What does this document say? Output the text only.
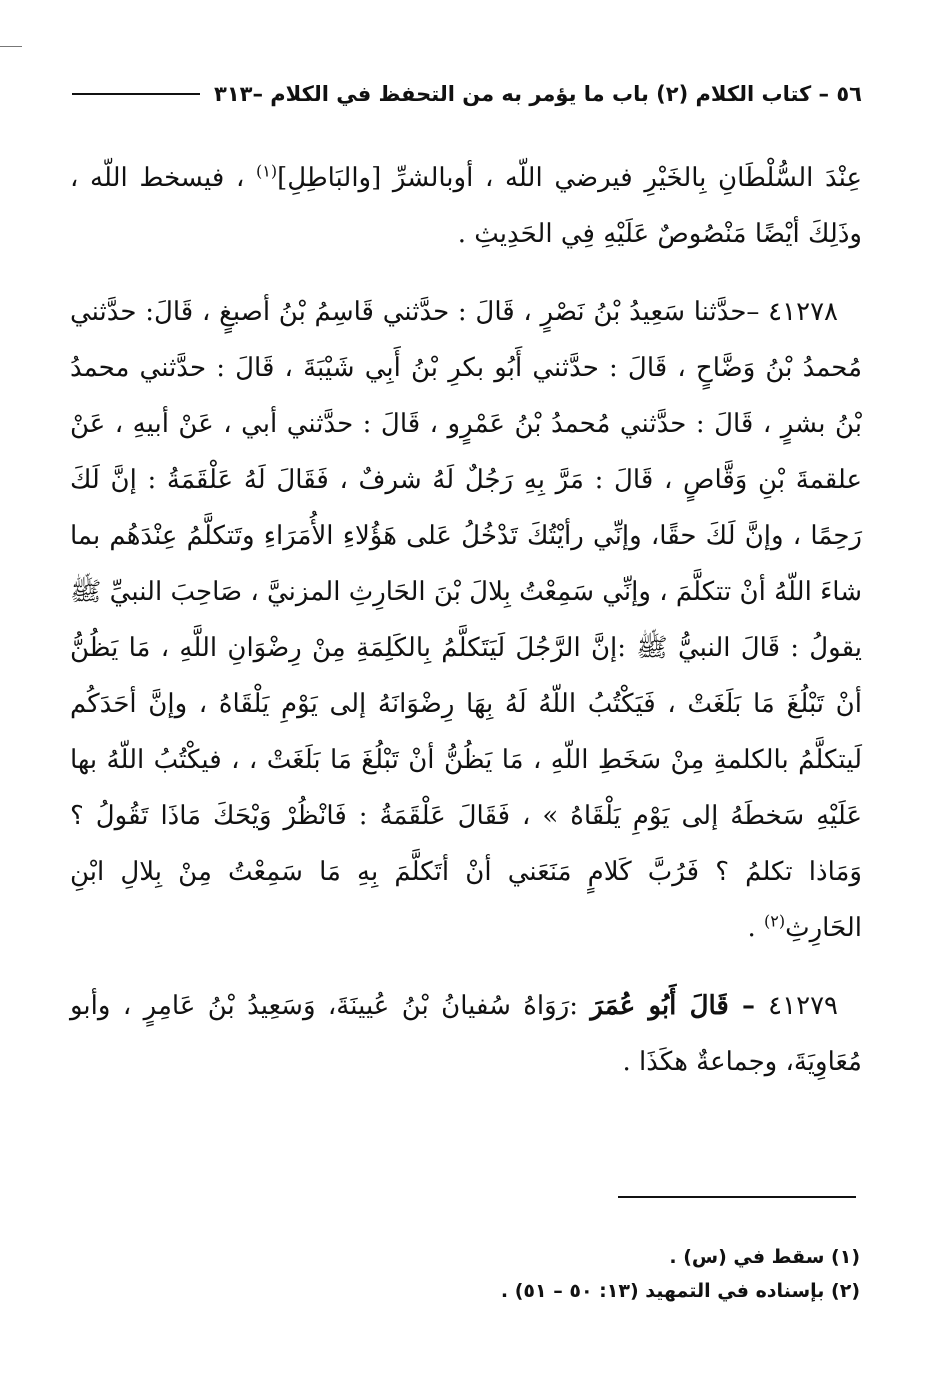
٥٦ – كتاب الكلام (٢) باب ما يؤمر به من التحفظ في الكلام –٣١٣

عِنْدَ السُّلْطَانِ بِالخَيْرِ فيرضي اللّه ، أوبالشرِّ [والبَاطِلِ]$^{(١)}$ ، فيسخط اللّه ، وذَلِكَ أيْضًا مَنْصُوصٌ عَلَيْهِ فِي الحَدِيثِ .

٤١٢٧٨ –حدَّثنا سَعِيدُ بْنُ نَصْرٍ ، قَالَ : حدَّثني قَاسِمُ بْنُ أصبغٍ ، قَالَ: حدَّثني مُحمدُ بْنُ وَضَّاحٍ ، قَالَ : حدَّثني أَبُو بكرِ بْنُ أَبِي شَيْبَةَ ، قَالَ : حدَّثني محمدُ بْنُ بشرٍ ، قَالَ : حدَّثني مُحمدُ بْنُ عَمْرٍو ، قَالَ : حدَّثني أبي ، عَنْ أبيهِ ، عَنْ علقمةَ بْنِ وَقَّاصٍ ، قَالَ : مَرَّ بِهِ رَجُلٌ لَهُ شرفٌ ، فَقَالَ لَهُ عَلْقَمَةُ : إنَّ لَكَ رَحِمًا ، وإنَّ لَكَ حقًا، وإنِّي رأيْتُكَ تَدْخُلُ عَلى هَؤُلاءِ الأُمَرَاءِ وتَتكلَّمُ عِنْدَهُم بما شاءَ اللّهُ أنْ تتكلَّمَ ، وإنِّي سَمِعْتُ بِلالَ بْنَ الحَارِثِ المزنيَّ ، صَاحِبَ النبيِّ ﷺ يقولُ : قَالَ النبيُّ ﷺ :إنَّ الرَّجُلَ لَيَتَكلَّمُ بِالكَلِمَةِ مِنْ رِضْوَانِ اللَّهِ ، مَا يَظُنُّ أنْ تَبْلُغَ مَا بَلَغَتْ ، فَيَكْتُبُ اللّهُ لَهُ بِهَا رِضْوَانَهُ إلى يَوْمِ يَلْقَاهُ ، وإنَّ أحَدَكُم لَيتكلَّمُ بالكلمةِ مِنْ سَخَطِ اللّهِ ، مَا يَظُنُّ أنْ تَبْلُغَ مَا بَلَغَتْ ، ، فيكْتُبُ اللّهُ بها عَلَيْهِ سَخطَهُ إلى يَوْمِ يَلْقَاهُ » ، فَقَالَ عَلْقَمَةُ : فَانْظُرْ وَيْحَكَ مَاذَا تَقُولُ ؟ وَمَاذا تكلمُ ؟ فَرُبَّ كَلامٍ مَنَعَني أنْ أتَكلَّمَ بِهِ مَا سَمِعْتُ مِنْ بِلالِ ابْنِ الحَارِثِ$^{(٢)}$ .

٤١٢٧٩ – قَالَ أَبُو عُمَرَ :رَوَاهُ سُفيانُ بْنُ عُيينَةَ، وَسَعِيدُ بْنُ عَامِرٍ ، وأبو مُعَاوِيَةَ، وجماعةٌ هكَذَا .

(١) سقط في (س) .
(٢) بإسناده في التمهيد (١٣: ٥٠ – ٥١) .
